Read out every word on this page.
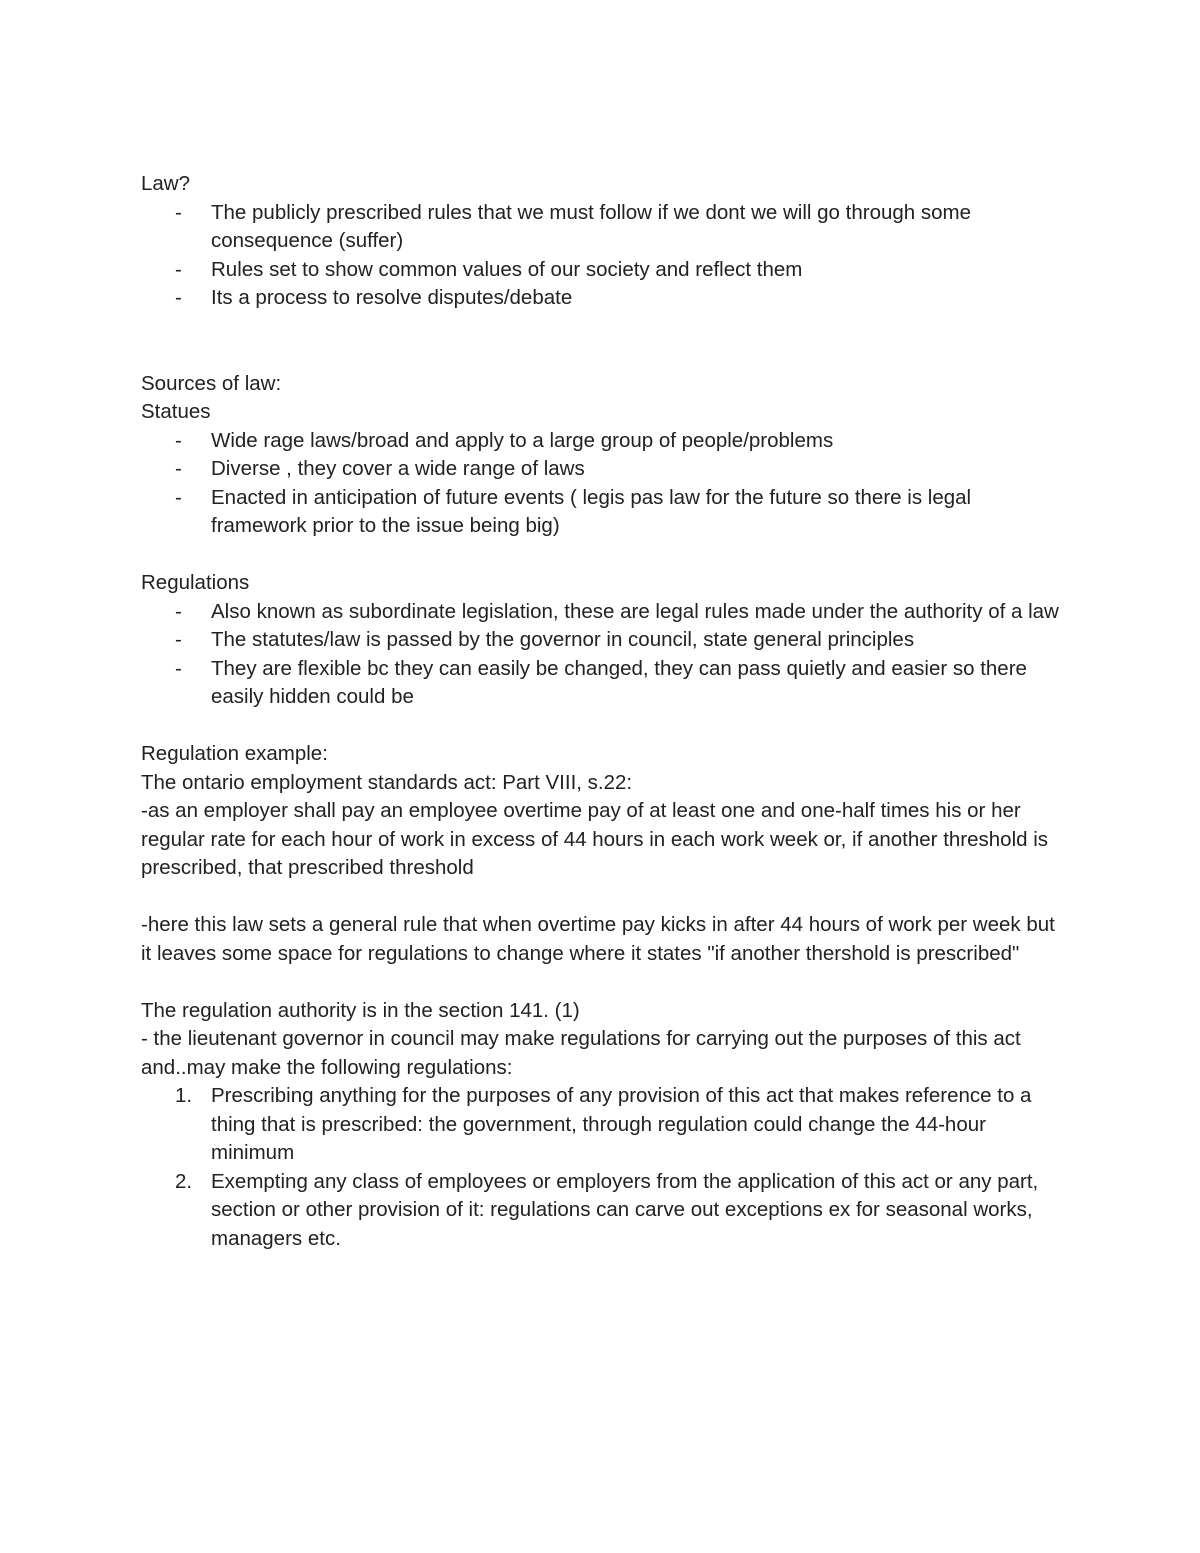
Law?

- The publicly prescribed rules that we must follow if we dont we will go through some consequence (suffer)
- Rules set to show common values of our society and reflect them
- Its a process to resolve disputes/debate

Sources of law:

Statues

- Wide rage laws/broad and apply to a large group of people/problems
- Diverse , they cover a wide range of laws
- Enacted in anticipation of future events ( legis pas law for the future so there is legal framework prior to the issue being big)

Regulations

- Also known as subordinate legislation, these are legal rules made under the authority of a law
- The statutes/law is passed by the governor in council, state general principles
- They are flexible bc they can easily be changed, they can pass quietly and easier so there easily hidden could be

Regulation example:

The ontario employment standards act: Part VIII, s.22:

-as an employer shall pay an employee overtime pay of at least one and one-half times his or her regular rate for each hour of work in excess of 44 hours in each work week or, if another threshold is prescribed, that prescribed threshold

-here this law sets a general rule that when overtime pay kicks in after 44 hours of work per week but it leaves some space for regulations to change where it states "if another thershold is prescribed"

The regulation authority is in the section 141. (1)

- the lieutenant governor in council may make regulations for carrying out the purposes of this act and..may make the following regulations:

1. Prescribing anything for the purposes of any provision of this act that makes reference to a thing that is prescribed: the government, through regulation could change the 44-hour minimum
2. Exempting any class of employees or employers from the application of this act or any part, section or other provision of it: regulations can carve out exceptions ex for seasonal works, managers etc.
